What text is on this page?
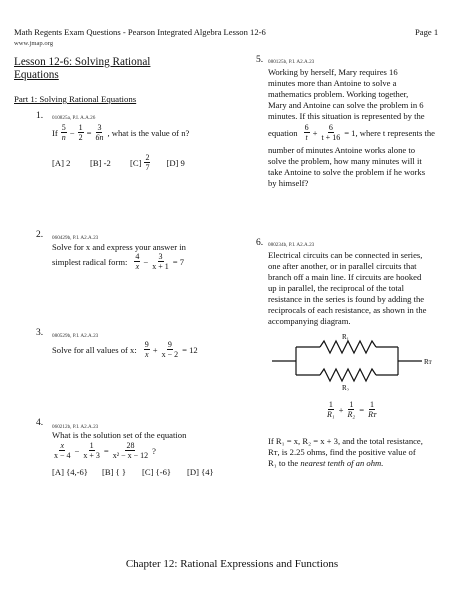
Math Regents Exam Questions - Pearson Integrated Algebra Lesson 12-6	Page 1
www.jmap.org
Lesson 12-6: Solving Rational
Equations
Part 1: Solving Rational Equations
1. 010825a, P.I. A.A.26
If $\frac{5}{n} - \frac{1}{2} = \frac{3}{6n}$ , what is the value of n?
[A] 2	[B] -2	$[C] \frac{2}{7} [D]$ 9
2. 060429b, P.I. A2.A.23
Solve for x and express your answer in
simplest radical form: $\frac{4}{x} - \frac{3}{x + 1} = 7$
3. 080529b, P.I. A2.A.23
Solve for all values of x: $\frac{9}{x} + \frac{9}{x - 2} = 12$
4. 060212b, P.I. A2.A.23
What is the solution set of the equation
$\frac{x}{x - 4} - \frac{1}{x + 3} = \frac{28}{\text{x² − x − 12}}$ ?
[A] {4,-6}	[B] { }	[C] {-6}	[D] {4}
5. 080125b, P.I. A2.A.23
Working by herself, Mary requires 16
minutes more than Antoine to solve a
mathematics problem. Working together,
Mary and Antoine can solve the problem in 6
minutes. If this situation is represented by the
equation $\frac{6}{t} + \frac{6}{t + 16} = 1$, where t represents the
number of minutes Antoine works alone to
solve the problem, how many minutes will it
take Antoine to solve the problem if he works
by himself?
6. 080234b, P.I. A2.A.23
Electrical circuits can be connected in series,
one after another, or in parallel circuits that
branch off a main line. If circuits are hooked
up in parallel, the reciprocal of the total
resistance in the series is found by adding the
reciprocals of each resistance, as shown in the
accompanying diagram.
R₁
R₂
Rᴛ
$\frac{1}{\text{R₁}} + \frac{1}{\text{R₂}} = \frac{1}{\text{Rᴛ}}$
If R₁ = x, R₂ = x + 3, and the total resistance,
Rᴛ, is 2.25 ohms, find the positive value of
R₁ to the nearest tenth of an ohm.
Chapter 12: Rational Expressions and Functions
